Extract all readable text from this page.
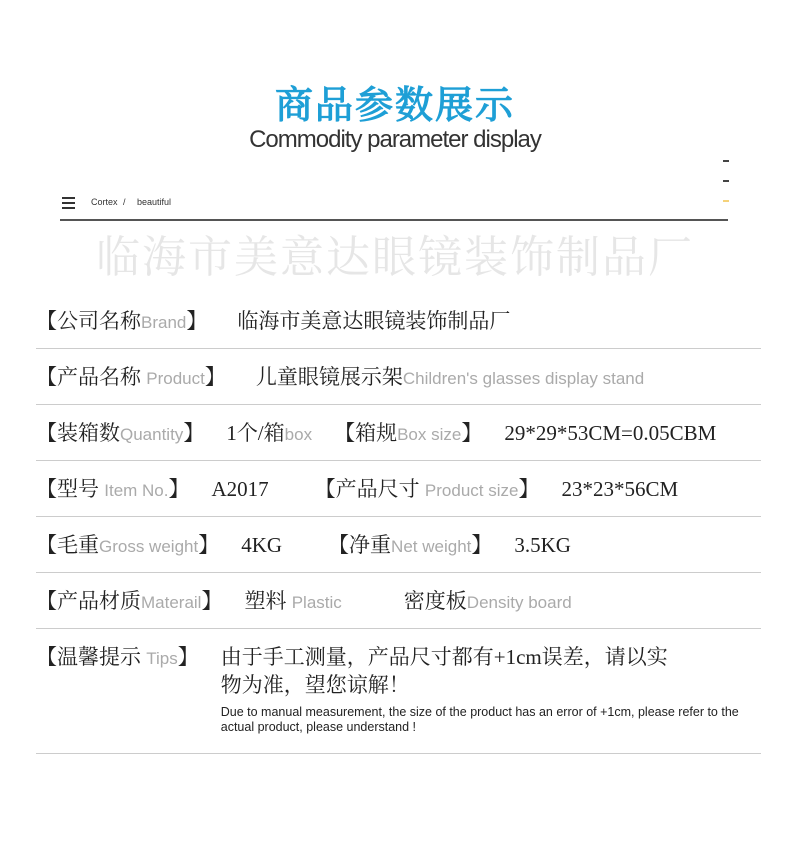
商品参数展示
Commodity parameter display
Cortex / beautiful
临海市美意达眼镜装饰制品厂
【公司名称Brand】 临海市美意达眼镜装饰制品厂
【产品名称 Product】 儿童眼镜展示架Children's glasses display stand
【装箱数Quantity】 1个/箱box 【箱规Box size】 29*29*53CM=0.05CBM
【型号 Item No.】 A2017 【产品尺寸 Product size】 23*23*56CM
【毛重Gross weight】 4KG 【净重Net weight】 3.5KG
【产品材质Materail】 塑料 Plastic	密度板Density board
【温馨提示 Tips】 由于手工测量，产品尺寸都有+1cm误差，请以实
物为准，望您谅解！
Due to manual measurement, the size of the product has an error of +1cm, please refer to the actual product, please understand !
